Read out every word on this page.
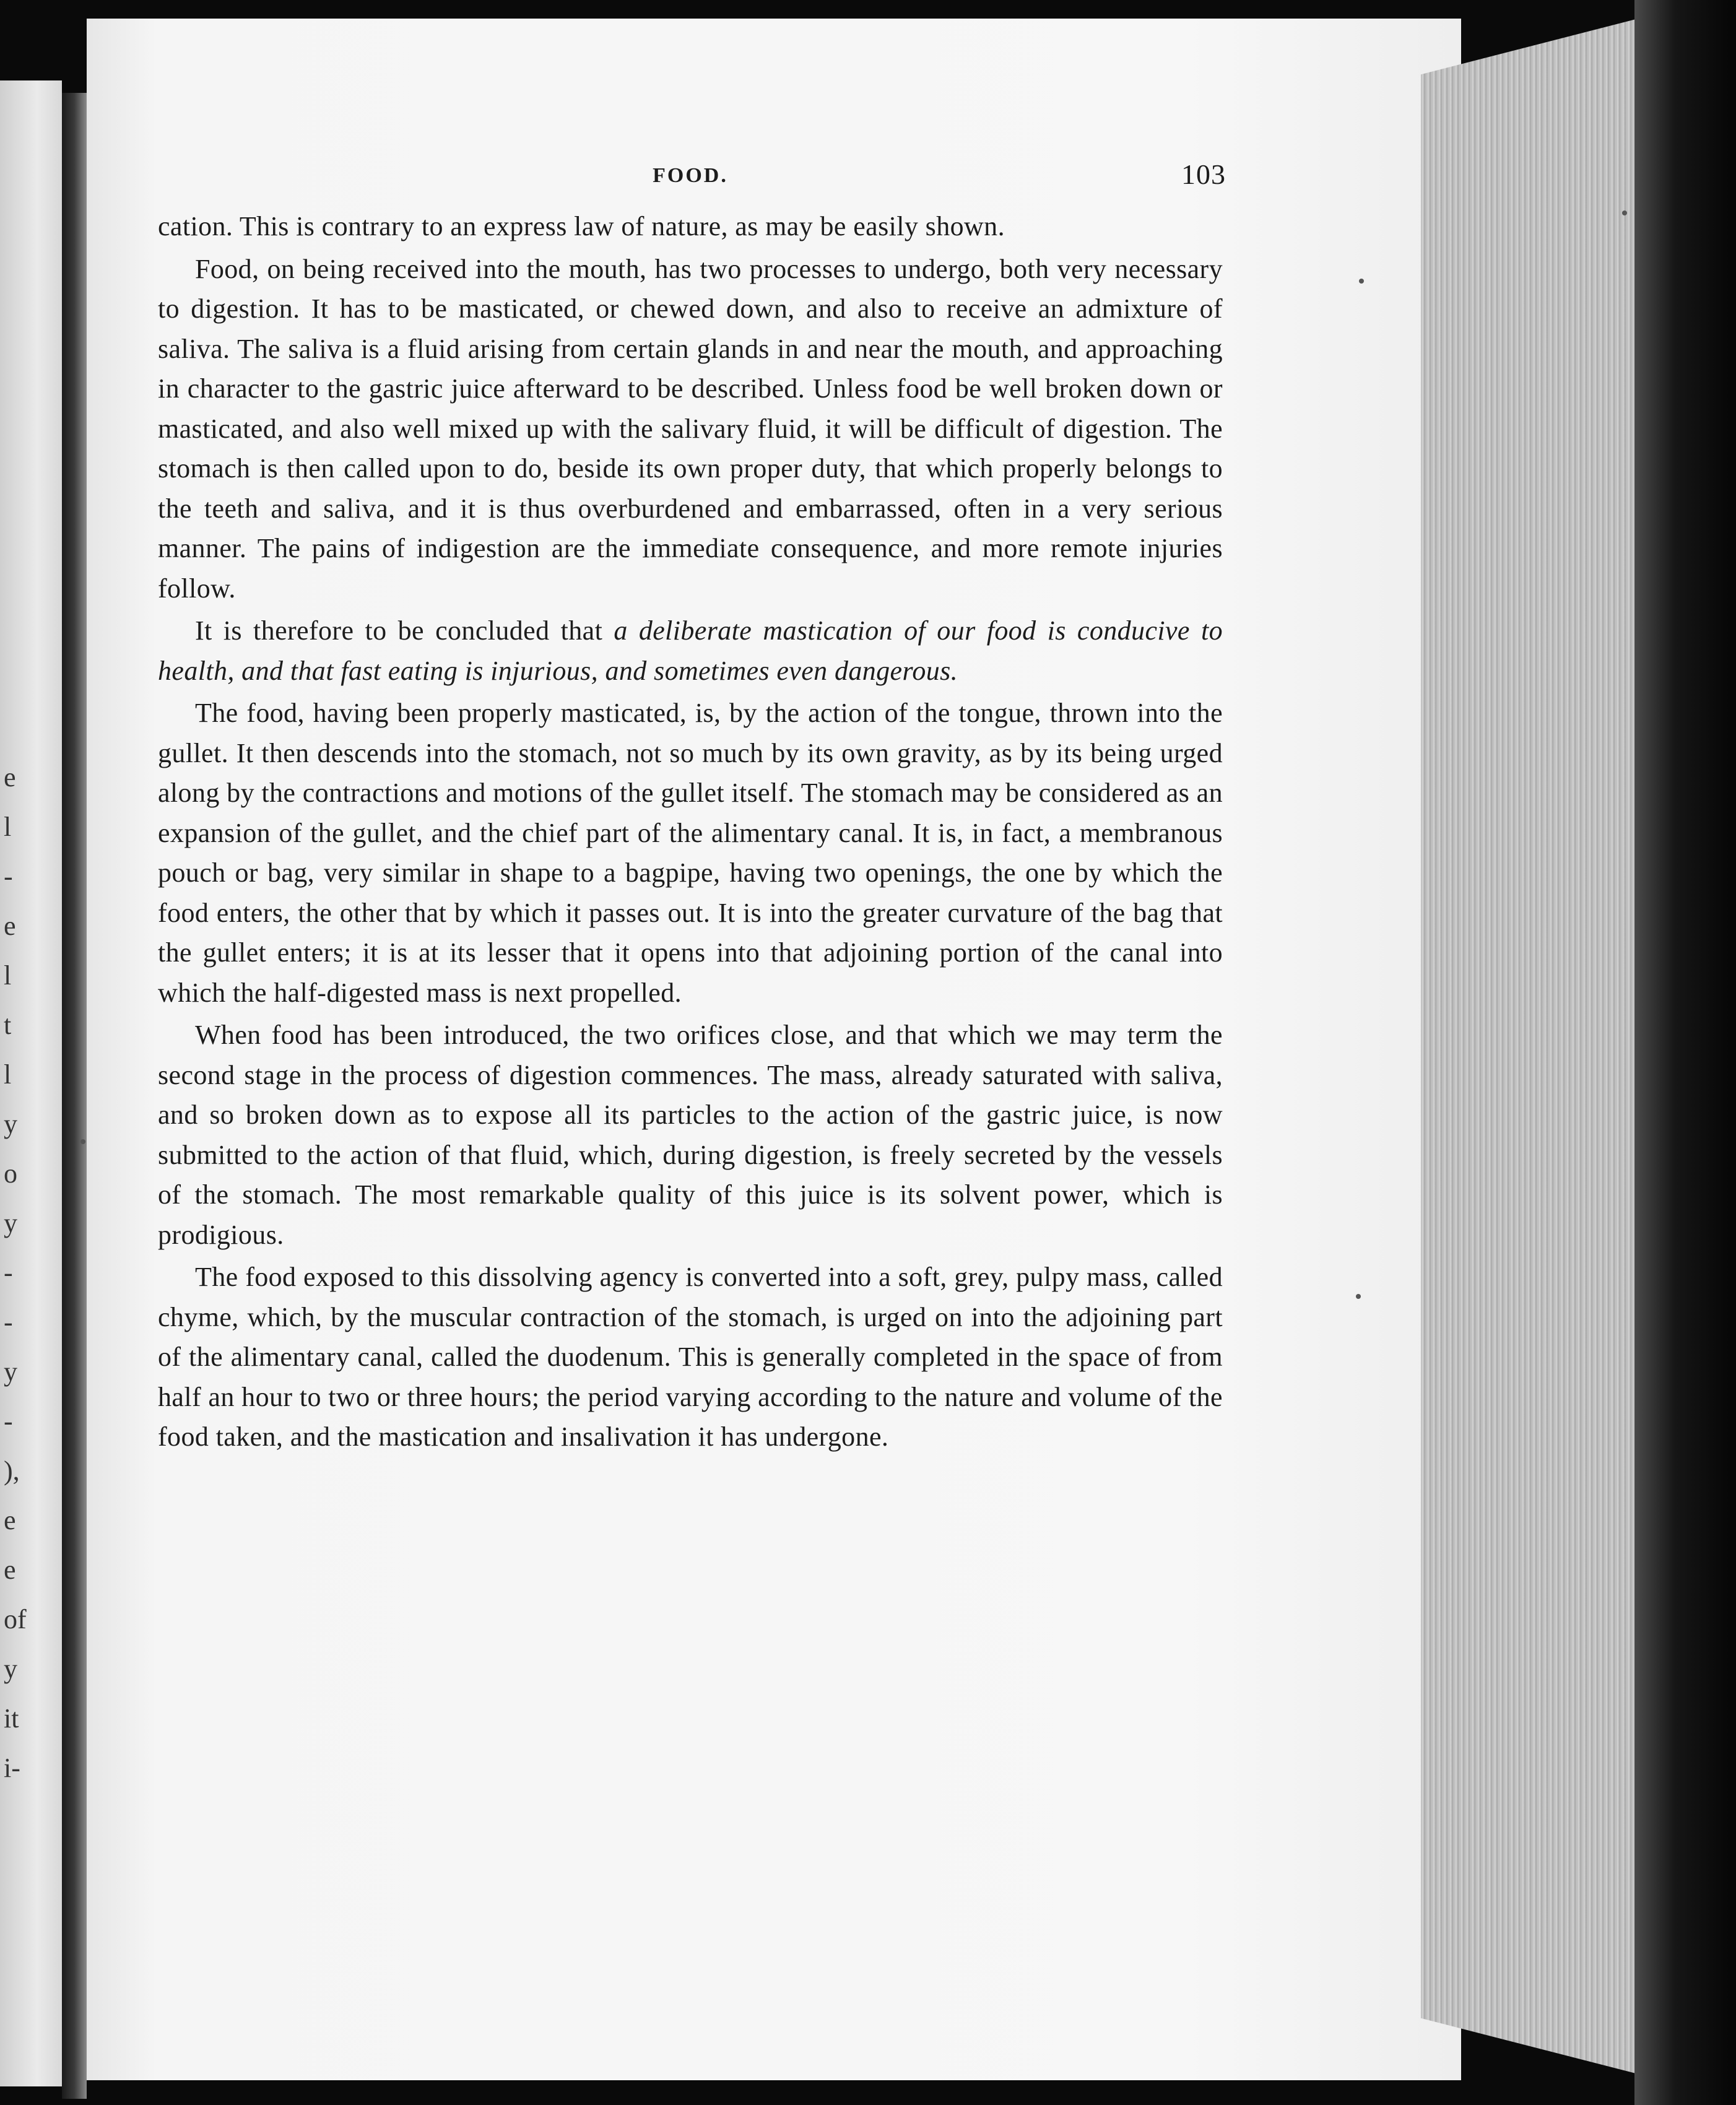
e
l
-
e
l
t
l
y
o
y
-
-
y
-
),
e
e
of
y
it
i-
FOOD.	103

cation. This is contrary to an express law of nature, as may be easily shown.

Food, on being received into the mouth, has two processes to undergo, both very necessary to digestion. It has to be masticated, or chewed down, and also to receive an admixture of saliva. The saliva is a fluid arising from certain glands in and near the mouth, and approaching in character to the gastric juice afterward to be described. Unless food be well broken down or masticated, and also well mixed up with the salivary fluid, it will be difficult of digestion. The stomach is then called upon to do, beside its own proper duty, that which properly belongs to the teeth and saliva, and it is thus overburdened and embarrassed, often in a very serious manner. The pains of indigestion are the immediate consequence, and more remote injuries follow.

It is therefore to be concluded that a deliberate mastication of our food is conducive to health, and that fast eating is injurious, and sometimes even dangerous.

The food, having been properly masticated, is, by the action of the tongue, thrown into the gullet. It then descends into the stomach, not so much by its own gravity, as by its being urged along by the contractions and motions of the gullet itself. The stomach may be considered as an expansion of the gullet, and the chief part of the alimentary canal. It is, in fact, a membranous pouch or bag, very similar in shape to a bagpipe, having two openings, the one by which the food enters, the other that by which it passes out. It is into the greater curvature of the bag that the gullet enters; it is at its lesser that it opens into that adjoining portion of the canal into which the half-digested mass is next propelled.

When food has been introduced, the two orifices close, and that which we may term the second stage in the process of digestion commences. The mass, already saturated with saliva, and so broken down as to expose all its particles to the action of the gastric juice, is now submitted to the action of that fluid, which, during digestion, is freely secreted by the vessels of the stomach. The most remarkable quality of this juice is its solvent power, which is prodigious.

The food exposed to this dissolving agency is converted into a soft, grey, pulpy mass, called chyme, which, by the muscular contraction of the stomach, is urged on into the adjoining part of the alimentary canal, called the duodenum. This is generally completed in the space of from half an hour to two or three hours; the period varying according to the nature and volume of the food taken, and the mastication and insalivation it has undergone.
